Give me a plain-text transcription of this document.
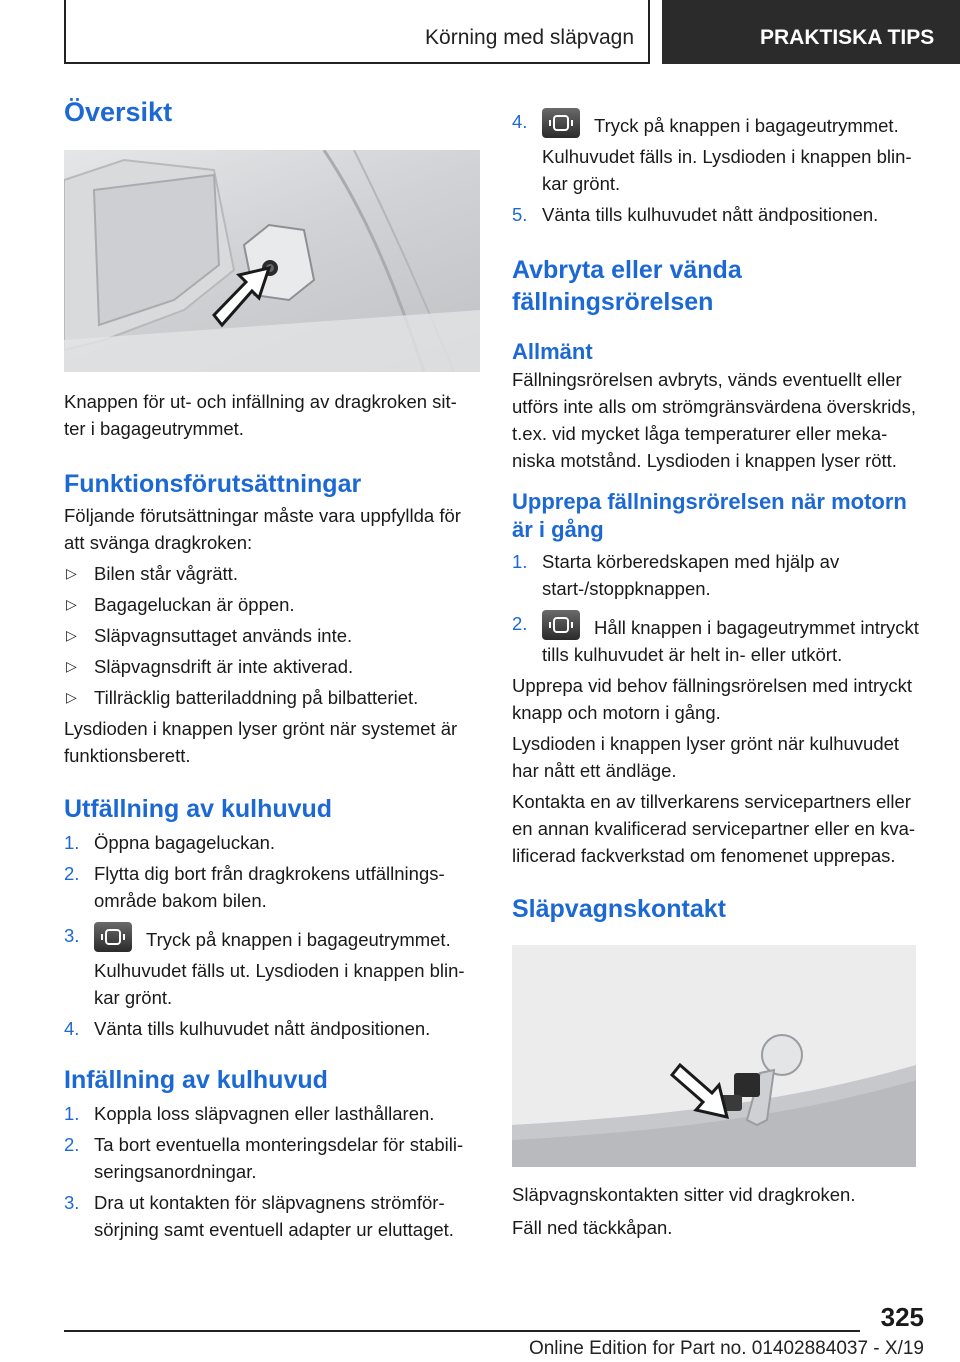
Körning med släpvagn	PRAKTISKA TIPS
Översikt

Knappen för ut- och infällning av dragkroken sit-
ter i bagageutrymmet.

Funktionsförutsättningar

Följande förutsättningar måste vara uppfyllda för att svänga dragkroken:

▷ Bilen står vågrätt.
▷ Bagageluckan är öppen.
▷ Släpvagnsuttaget används inte.
▷ Släpvagnsdrift är inte aktiverad.
▷ Tillräcklig batteriladdning på bilbatteriet.

Lysdioden i knappen lyser grönt när systemet är funktionsberett.

Utfällning av kulhuvud
1. Öppna bagageluckan.
2. Flytta dig bort från dragkrokens utfällnings-område bakom bilen.
3.	Tryck på knappen i bagageutrymmet.
Kulhuvudet fälls ut. Lysdioden i knappen blin-kar grönt.
4. Vänta tills kulhuvudet nått ändpositionen.
Infällning av kulhuvud
1. Koppla loss släpvagnen eller lasthållaren.
2. Ta bort eventuella monteringsdelar för stabili-seringsanordningar.
3. Dra ut kontakten för släpvagnens strömför-sörjning samt eventuell adapter ur eluttaget.
4.	Tryck på knappen i bagageutrymmet.
Kulhuvudet fälls in. Lysdioden i knappen blin-kar grönt.
5. Vänta tills kulhuvudet nått ändpositionen.
Avbryta eller vända fällningsrörelsen
Allmänt

Fällningsrörelsen avbryts, vänds eventuellt eller utförs inte alls om strömgränsvärdena överskrids, t.ex. vid mycket låga temperaturer eller meka-niska motstånd. Lysdioden i knappen lyser rött.

Upprepa fällningsrörelsen när motorn är i gång
1. Starta körberedskapen med hjälp av start-/stoppknappen.
2.	Håll knappen i bagageutrymmet intryckt tills kulhuvudet är helt in- eller utkört.

Upprepa vid behov fällningsrörelsen med intryckt knapp och motorn i gång.

Lysdioden i knappen lyser grönt när kulhuvudet har nått ett ändläge.

Kontakta en av tillverkarens servicepartners eller en annan kvalificerad servicepartner eller en kva-lificerad fackverkstad om fenomenet upprepas.

Släpvagnskontakt

Släpvagnskontakten sitter vid dragkroken.

Fäll ned täckkåpan.

325
Online Edition for Part no. 01402884037 - X/19
